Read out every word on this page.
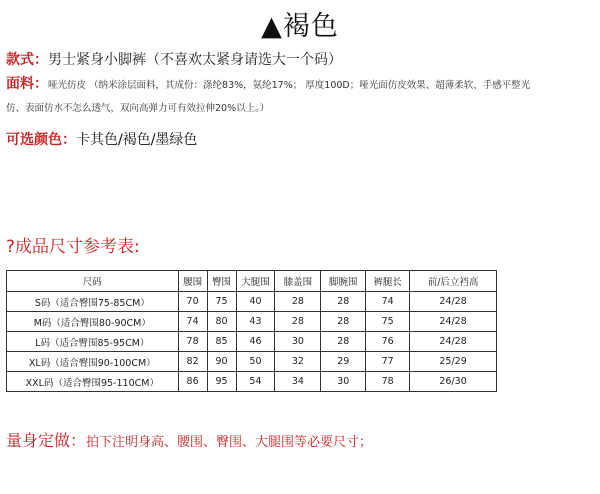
▲褐色
款式：男士紧身小脚裤（不喜欢太紧身请选大一个码）
面料：哑光仿皮 （纳米涂层面料，其成份：涤纶83%，氨纶17%； 厚度100D；哑光面仿皮效果、超薄柔软、手感平整光
仿、表面仿水不怎么透气，双向高弹力可有效拉伸20%以上。）
可选颜色：卡其色/褐色/墨绿色
?成品尺寸参考表:
尺码	腰围	臀围	大腿围	膝盖围	脚腕围	裤腿长	前/后立裆高
S码（适合臀围75-85CM）	70	75	40	28	28	74	24/28
M码（适合臀围80-90CM）	74	80	43	28	28	75	24/28
L码（适合臀围85-95CM）	78	85	46	30	28	76	24/28
XL码（适合臀围90-100CM）	82	90	50	32	29	77	25/29
XXL码（适合臀围95-110CM）	86	95	54	34	30	78	26/30
量身定做：拍下注明身高、腰围、臀围、大腿围等必要尺寸；
